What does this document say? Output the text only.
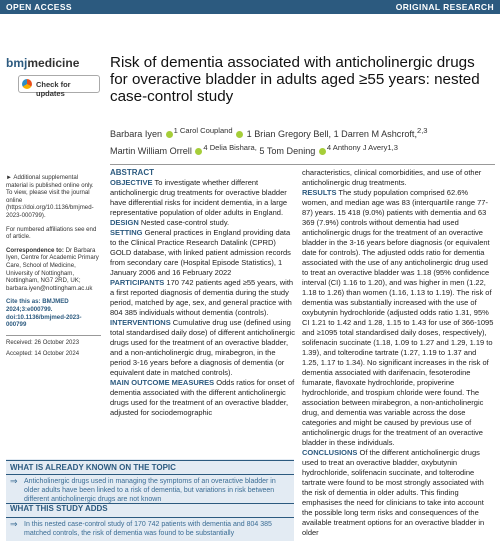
OPEN ACCESS	ORIGINAL RESEARCH
bmjmedicine
Check for updates
Risk of dementia associated with anticholinergic drugs for overactive bladder in adults aged ≥55 years: nested case-control study
Barbara Iyen $^{1 Carol Coupland}$ 1 Brian Gregory Bell, 1 Darren M Ashcroft,$^{2,3}$
Martin William Orrell $^{4 Delia Bishara,}$ 5 Tom Dening $^{4 Anthony J Avery1,3}$

► Additional supplemental material is published online only. To view, please visit the journal online (https://doi.org/10.1136/bmjmed-2023-000799).

For numbered affiliations see end of article.

Correspondence to: Dr Barbara Iyen, Centre for Academic Primary Care, School of Medicine, University of Nottingham, Nottingham, NG7 2RD, UK; barbara.iyen@nottingham.ac.uk

Cite this as: BMJMED 2024;3:e000799. doi:10.1136/bmjmed-2023-000799

Received: 26 October 2023
Accepted: 14 October 2024

ABSTRACT

OBJECTIVE To investigate whether different anticholinergic drug treatments for overactive bladder have differential risks for incident dementia, in a large representative population of older adults in England.

DESIGN Nested case-control study.

SETTING General practices in England providing data to the Clinical Practice Research Datalink (CPRD) GOLD database, with linked patient admission records from secondary care (Hospital Episode Statistics), 1 January 2006 and 16 February 2022

PARTICIPANTS 170 742 patients aged ≥55 years, with a first reported diagnosis of dementia during the study period, matched by age, sex, and general practice with 804 385 individuals without dementia (controls).

INTERVENTIONS Cumulative drug use (defined using total standardised daily dose) of different anticholinergic drugs used for the treatment of an overactive bladder, and a non-anticholinergic drug, mirabegron, in the period 3-16 years before a diagnosis of dementia (or equivalent date in matched controls).

MAIN OUTCOME MEASURES Odds ratios for onset of dementia associated with the different anticholinergic drugs used for the treatment of an overactive bladder, adjusted for sociodemographic

characteristics, clinical comorbidities, and use of other anticholinergic drug treatments.

RESULTS The study population comprised 62.6% women, and median age was 83 (interquartile range 77-87) years. 15 418 (9.0%) patients with dementia and 63 369 (7.9%) controls without dementia had used anticholinergic drugs for the treatment of an overactive bladder in the 3-16 years before diagnosis (or equivalent date for controls). The adjusted odds ratio for dementia associated with the use of any anticholinergic drug used to treat an overactive bladder was 1.18 (95% confidence interval (CI) 1.16 to 1.20), and was higher in men (1.22, 1.18 to 1.26) than women (1.16, 1.13 to 1.19). The risk of dementia was substantially increased with the use of oxybutynin hydrochloride (adjusted odds ratio 1.31, 95% CI 1.21 to 1.42 and 1.28, 1.15 to 1.43 for use of 366-1095 and ≥1095 total standardised daily doses, respectively), solifenacin succinate (1.18, 1.09 to 1.27 and 1.29, 1.19 to 1.39), and tolterodine tartrate (1.27, 1.19 to 1.37 and 1.25, 1.17 to 1.34). No significant increases in the risk of dementia associated with darifenacin, fesoterodine fumarate, flavoxate hydrochloride, propiverine hydrochloride, and trospium chloride were found. The association between mirabegron, a non-anticholinergic drug, and dementia was variable across the dose categories and might be caused by previous use of anticholinergic drugs for the treatment of an overactive bladder in these individuals.

CONCLUSIONS Of the different anticholinergic drugs used to treat an overactive bladder, oxybutynin hydrochloride, solifenacin succinate, and tolterodine tartrate were found to be most strongly associated with the risk of dementia in older adults. This finding emphasises the need for clinicians to take into account the possible long term risks and consequences of the available treatment options for an overactive bladder in older

WHAT IS ALREADY KNOWN ON THE TOPIC
⇒ Anticholinergic drugs used in managing the symptoms of an overactive bladder in older adults have been linked to a risk of dementia, but variations in risk between different anticholinergic drugs are not known
WHAT THIS STUDY ADDS
⇒ In this nested case-control study of 170 742 patients with dementia and 804 385 matched controls, the risk of dementia was found to be substantially
